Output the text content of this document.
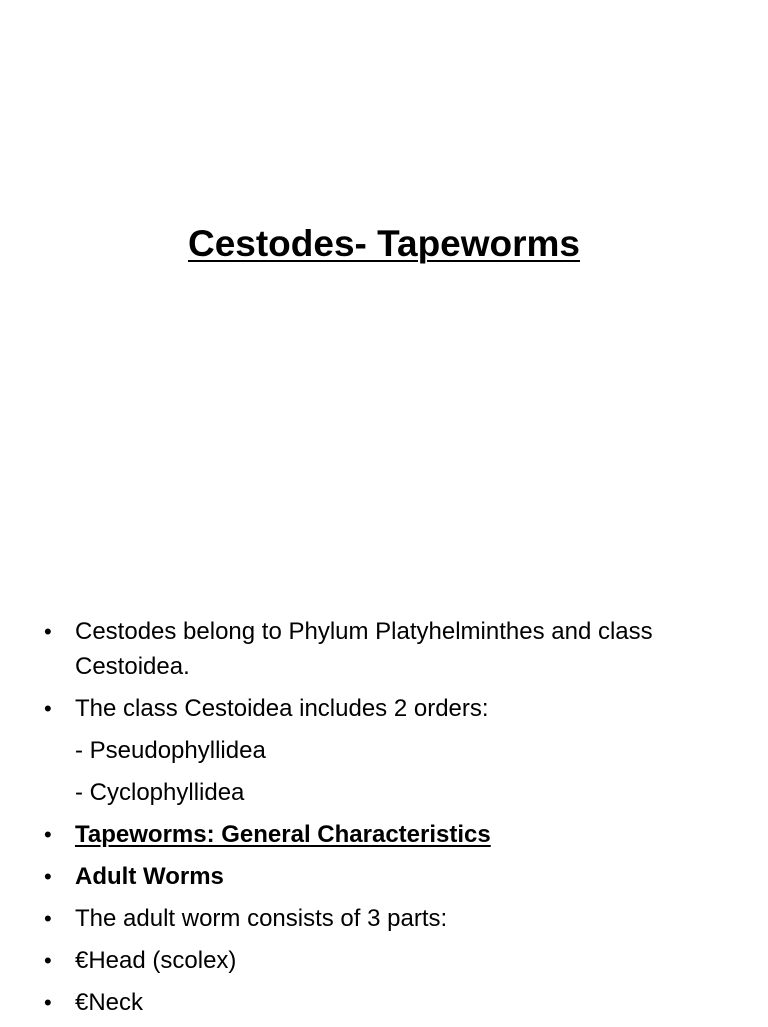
Cestodes- Tapeworms
• Cestodes belong to Phylum Platyhelminthes and class Cestoidea.
• The class Cestoidea includes 2 orders:
- Pseudophyllidea
- Cyclophyllidea
• Tapeworms: General Characteristics
• Adult Worms
• The adult worm consists of 3 parts:
• €Head (scolex)
• €Neck
